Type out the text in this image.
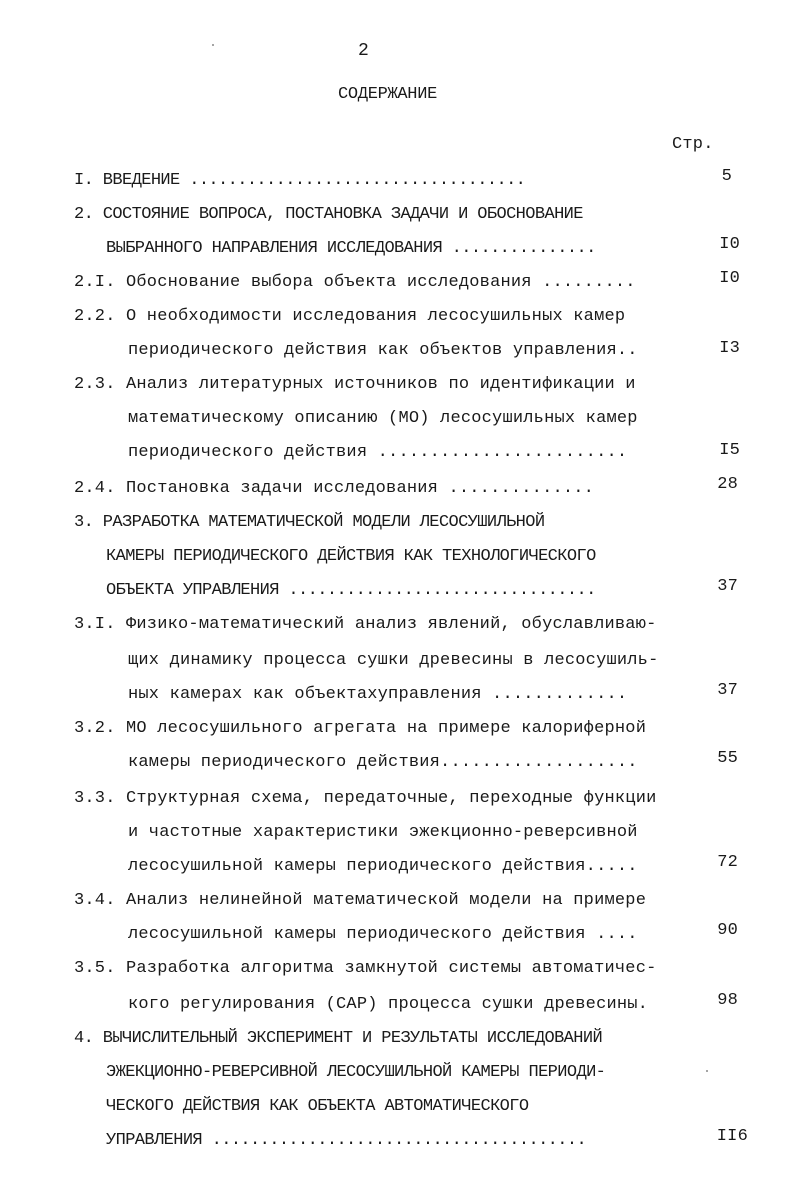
2
СОДЕРЖАНИЕ
Стр.
I. ВВЕДЕНИЕ ...................................	5
2. СОСТОЯНИЕ ВОПРОСА, ПОСТАНОВКА ЗАДАЧИ И ОБОСНОВАНИЕ
ВЫБРАННОГО НАПРАВЛЕНИЯ ИССЛЕДОВАНИЯ ...............	I0
2.I. Обоснование выбора объекта исследования .........	I0
2.2. О необходимости исследования лесосушильных камер
периодического действия как объектов управления..	I3
2.3. Анализ литературных источников по идентификации и
математическому описанию (МО) лесосушильных камер
периодического действия ........................	I5
2.4. Постановка задачи исследования ..............	28
3. РАЗРАБОТКА МАТЕМАТИЧЕСКОЙ МОДЕЛИ ЛЕСОСУШИЛЬНОЙ
КАМЕРЫ ПЕРИОДИЧЕСКОГО ДЕЙСТВИЯ КАК ТЕХНОЛОГИЧЕСКОГО
ОБЪЕКТА УПРАВЛЕНИЯ ................................	37
3.I. Физико-математический анализ явлений, обуславливаю-
щих динамику процесса сушки древесины в лесосушиль-
ных камерах как объектахуправления .............	37
3.2. МО лесосушильного агрегата на примере калориферной
камеры периодического действия...................	55
3.3. Структурная схема, передаточные, переходные функции
и частотные характеристики эжекционно-реверсивной
лесосушильной камеры периодического действия.....	72
3.4. Анализ нелинейной математической модели на примере
лесосушильной камеры периодического действия ....	90
3.5. Разработка алгоритма замкнутой системы автоматичес-
кого регулирования (САР) процесса сушки древесины.	98
4. ВЫЧИСЛИТЕЛЬНЫЙ ЭКСПЕРИМЕНТ И РЕЗУЛЬТАТЫ ИССЛЕДОВАНИЙ
ЭЖЕКЦИОННО-РЕВЕРСИВНОЙ ЛЕСОСУШИЛЬНОЙ КАМЕРЫ ПЕРИОДИ-
ЧЕСКОГО ДЕЙСТВИЯ КАК ОБЪЕКТА АВТОМАТИЧЕСКОГО
УПРАВЛЕНИЯ .......................................	II6
